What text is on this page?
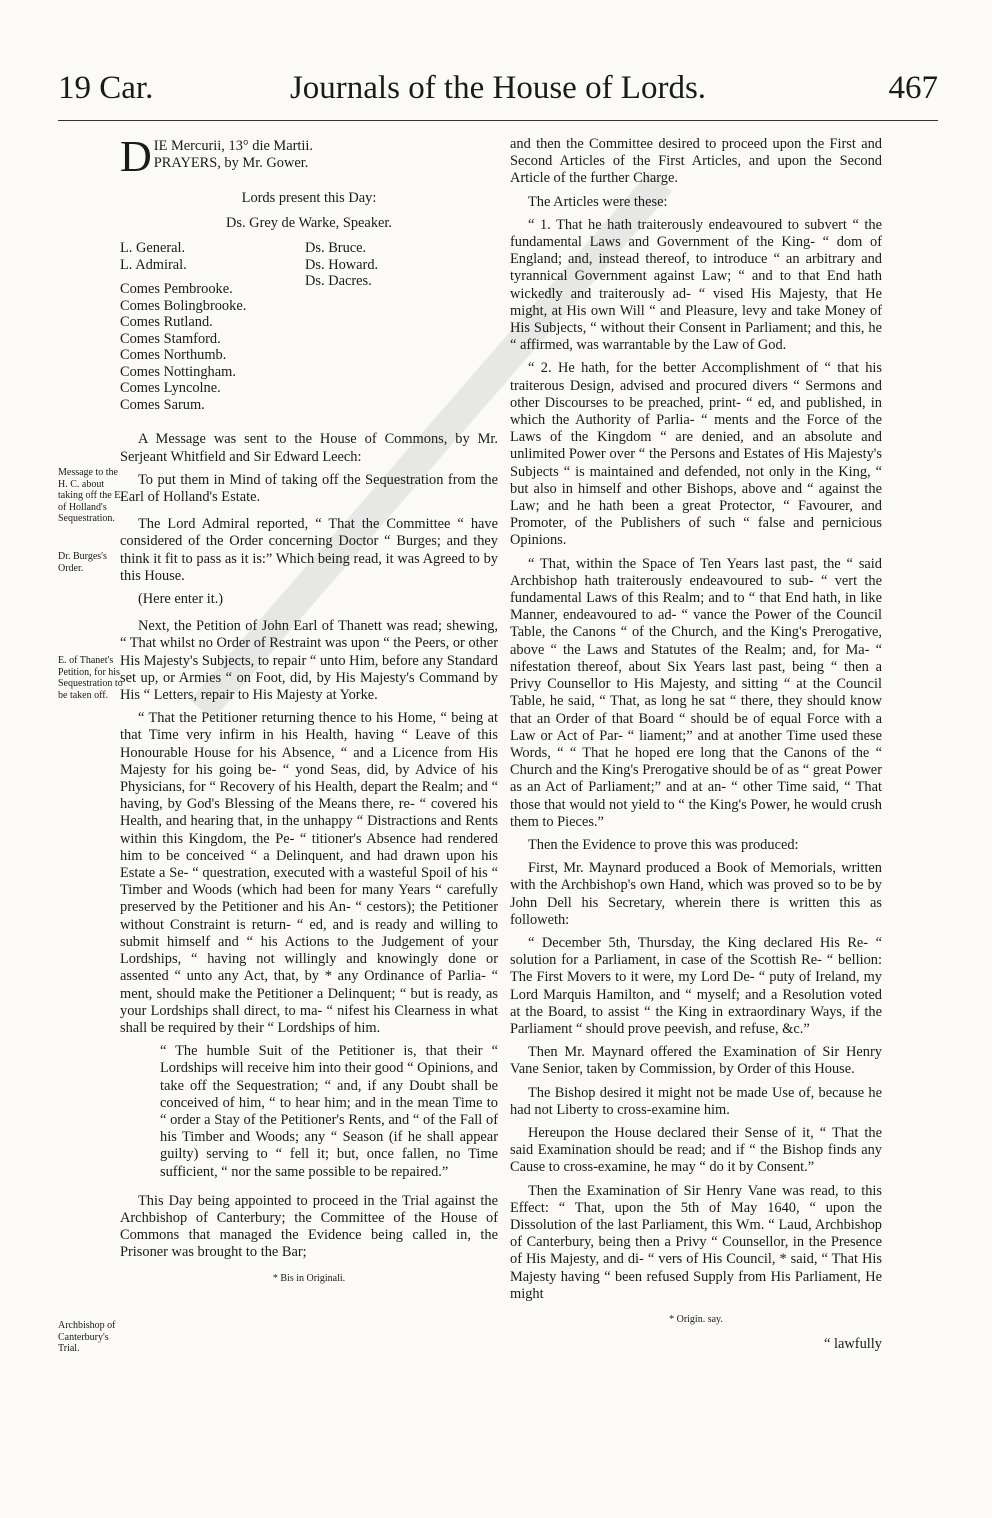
19 Car.	Journals of the House of Lords.	467
Message to the H. C. about taking off the E. of Holland's Sequestration.
Dr. Burges's Order.
E. of Thanet's Petition, for his Sequestration to be taken off.
Archbishop of Canterbury's Trial.

D IE Mercurii, 13° die Martii.
PRAYERS, by Mr. Gower.

Lords present this Day:

Ds. Grey de Warke, Speaker.

L. General.
L. Admiral.
Comes Pembrooke.
Comes Bolingbrooke.
Comes Rutland.
Comes Stamford.
Comes Northumb.
Comes Nottingham.
Comes Lyncolne.
Comes Sarum.
Ds. Bruce.
Ds. Howard.
Ds. Dacres.

A Message was sent to the House of Commons, by Mr. Serjeant Whitfield and Sir Edward Leech:

To put them in Mind of taking off the Sequestration from the Earl of Holland's Estate.

The Lord Admiral reported, “ That the Committee “ have considered of the Order concerning Doctor “ Burges; and they think it fit to pass as it is:” Which being read, it was Agreed to by this House.

(Here enter it.)

Next, the Petition of John Earl of Thanett was read; shewing, “ That whilst no Order of Restraint was upon “ the Peers, or other His Majesty's Subjects, to repair “ unto Him, before any Standard set up, or Armies “ on Foot, did, by His Majesty's Command by His “ Letters, repair to His Majesty at Yorke.

“ That the Petitioner returning thence to his Home, “ being at that Time very infirm in his Health, having “ Leave of this Honourable House for his Absence, “ and a Licence from His Majesty for his going be- “ yond Seas, did, by Advice of his Physicians, for “ Recovery of his Health, depart the Realm; and “ having, by God's Blessing of the Means there, re- “ covered his Health, and hearing that, in the unhappy “ Distractions and Rents within this Kingdom, the Pe- “ titioner's Absence had rendered him to be conceived “ a Delinquent, and had drawn upon his Estate a Se- “ questration, executed with a wasteful Spoil of his “ Timber and Woods (which had been for many Years “ carefully preserved by the Petitioner and his An- “ cestors); the Petitioner without Constraint is return- “ ed, and is ready and willing to submit himself and “ his Actions to the Judgement of your Lordships, “ having not willingly and knowingly done or assented “ unto any Act, that, by * any Ordinance of Parlia- “ ment, should make the Petitioner a Delinquent; “ but is ready, as your Lordships shall direct, to ma- “ nifest his Clearness in what shall be required by their “ Lordships of him.

“ The humble Suit of the Petitioner is, that their “ Lordships will receive him into their good “ Opinions, and take off the Sequestration; “ and, if any Doubt shall be conceived of him, “ to hear him; and in the mean Time to “ order a Stay of the Petitioner's Rents, and “ of the Fall of his Timber and Woods; any “ Season (if he shall appear guilty) serving to “ fell it; but, once fallen, no Time sufficient, “ nor the same possible to be repaired.”

This Day being appointed to proceed in the Trial against the Archbishop of Canterbury; the Committee of the House of Commons that managed the Evidence being called in, the Prisoner was brought to the Bar;

* Bis in Originali.

and then the Committee desired to proceed upon the First and Second Articles of the First Articles, and upon the Second Article of the further Charge.

The Articles were these:

“ 1. That he hath traiterously endeavoured to subvert “ the fundamental Laws and Government of the King- “ dom of England; and, instead thereof, to introduce “ an arbitrary and tyrannical Government against Law; “ and to that End hath wickedly and traiterously ad- “ vised His Majesty, that He might, at His own Will “ and Pleasure, levy and take Money of His Subjects, “ without their Consent in Parliament; and this, he “ affirmed, was warrantable by the Law of God.

“ 2. He hath, for the better Accomplishment of “ that his traiterous Design, advised and procured divers “ Sermons and other Discourses to be preached, print- “ ed, and published, in which the Authority of Parlia- “ ments and the Force of the Laws of the Kingdom “ are denied, and an absolute and unlimited Power over “ the Persons and Estates of His Majesty's Subjects “ is maintained and defended, not only in the King, “ but also in himself and other Bishops, above and “ against the Law; and he hath been a great Protector, “ Favourer, and Promoter, of the Publishers of such “ false and pernicious Opinions.

“ That, within the Space of Ten Years last past, the “ said Archbishop hath traiterously endeavoured to sub- “ vert the fundamental Laws of this Realm; and to “ that End hath, in like Manner, endeavoured to ad- “ vance the Power of the Council Table, the Canons “ of the Church, and the King's Prerogative, above “ the Laws and Statutes of the Realm; and, for Ma- “ nifestation thereof, about Six Years last past, being “ then a Privy Counsellor to His Majesty, and sitting “ at the Council Table, he said, “ That, as long he sat “ there, they should know that an Order of that Board “ should be of equal Force with a Law or Act of Par- “ liament;” and at another Time used these Words, “ “ That he hoped ere long that the Canons of the “ Church and the King's Prerogative should be of as “ great Power as an Act of Parliament;” and at an- “ other Time said, “ That those that would not yield to “ the King's Power, he would crush them to Pieces.”

Then the Evidence to prove this was produced:

First, Mr. Maynard produced a Book of Memorials, written with the Archbishop's own Hand, which was proved so to be by John Dell his Secretary, wherein there is written this as followeth:

“ December 5th, Thursday, the King declared His Re- “ solution for a Parliament, in case of the Scottish Re- “ bellion: The First Movers to it were, my Lord De- “ puty of Ireland, my Lord Marquis Hamilton, and “ myself; and a Resolution voted at the Board, to assist “ the King in extraordinary Ways, if the Parliament “ should prove peevish, and refuse, &c.”

Then Mr. Maynard offered the Examination of Sir Henry Vane Senior, taken by Commission, by Order of this House.

The Bishop desired it might not be made Use of, because he had not Liberty to cross-examine him.

Hereupon the House declared their Sense of it, “ That the said Examination should be read; and if “ the Bishop finds any Cause to cross-examine, he may “ do it by Consent.”

Then the Examination of Sir Henry Vane was read, to this Effect: “ That, upon the 5th of May 1640, “ upon the Dissolution of the last Parliament, this Wm. “ Laud, Archbishop of Canterbury, being then a Privy “ Counsellor, in the Presence of His Majesty, and di- “ vers of His Council, * said, “ That His Majesty having “ been refused Supply from His Parliament, He might

* Origin. say.
“ lawfully
